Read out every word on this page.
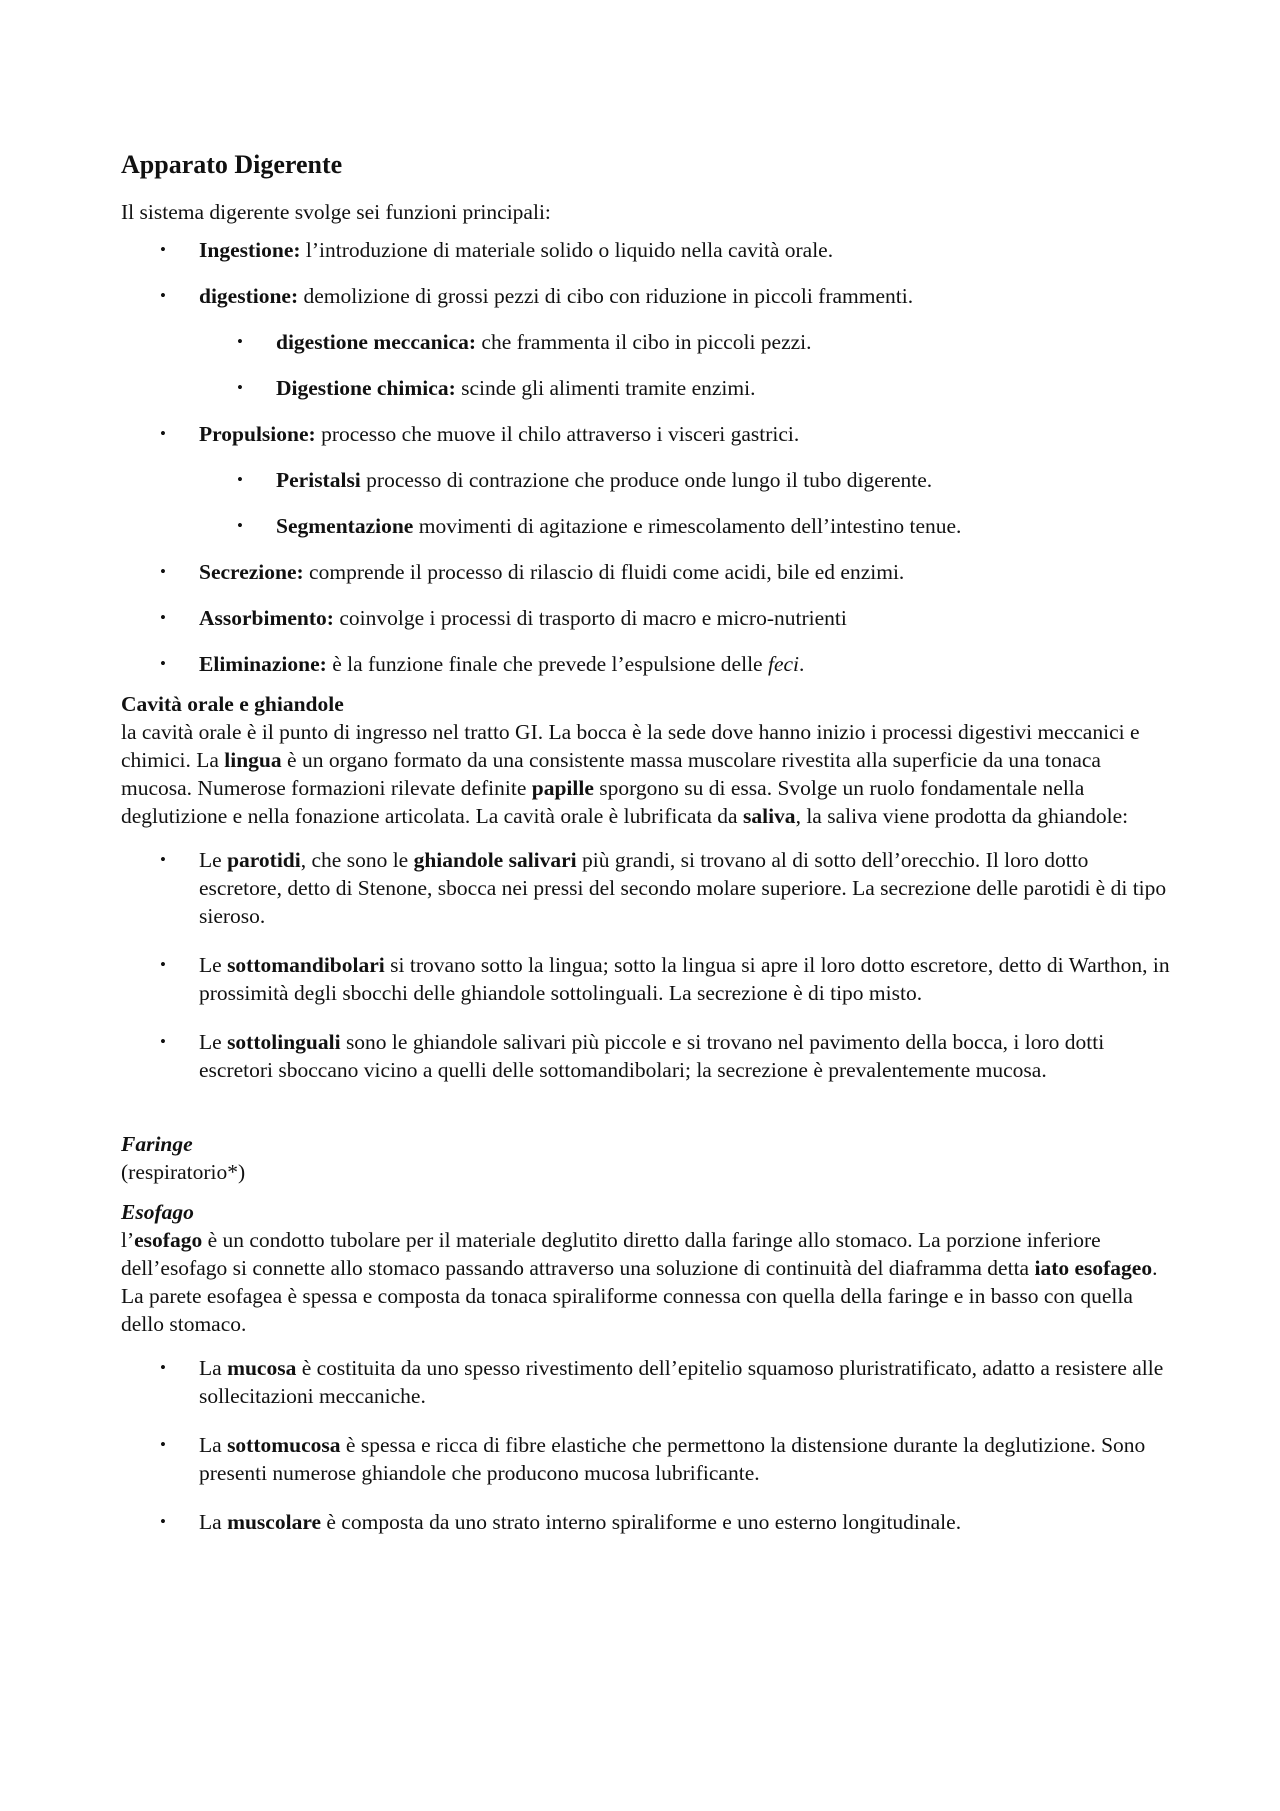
Apparato Digerente

Il sistema digerente svolge sei funzioni principali:

• Ingestione: l’introduzione di materiale solido o liquido nella cavità orale.
• digestione: demolizione di grossi pezzi di cibo con riduzione in piccoli frammenti.
• digestione meccanica: che frammenta il cibo in piccoli pezzi.
• Digestione chimica: scinde gli alimenti tramite enzimi.
• Propulsione: processo che muove il chilo attraverso i visceri gastrici.
• Peristalsi processo di contrazione che produce onde lungo il tubo digerente.
• Segmentazione movimenti di agitazione e rimescolamento dell’intestino tenue.
• Secrezione: comprende il processo di rilascio di fluidi come acidi, bile ed enzimi.
• Assorbimento: coinvolge i processi di trasporto di macro e micro-nutrienti
• Eliminazione: è la funzione finale che prevede l’espulsione delle feci.

Cavità orale e ghiandole

la cavità orale è il punto di ingresso nel tratto GI. La bocca è la sede dove hanno inizio i processi digestivi meccanici e chimici. La lingua è un organo formato da una consistente massa muscolare rivestita alla superficie da una tonaca mucosa. Numerose formazioni rilevate definite papille sporgono su di essa. Svolge un ruolo fondamentale nella deglutizione e nella fonazione articolata. La cavità orale è lubrificata da saliva, la saliva viene prodotta da ghiandole:

• Le parotidi, che sono le ghiandole salivari più grandi, si trovano al di sotto dell’orecchio. Il loro dotto escretore, detto di Stenone, sbocca nei pressi del secondo molare superiore. La secrezione delle parotidi è di tipo sieroso.
• Le sottomandibolari si trovano sotto la lingua; sotto la lingua si apre il loro dotto escretore, detto di Warthon, in prossimità degli sbocchi delle ghiandole sottolinguali. La secrezione è di tipo misto.
• Le sottolinguali sono le ghiandole salivari più piccole e si trovano nel pavimento della bocca, i loro dotti escretori sboccano vicino a quelli delle sottomandibolari; la secrezione è prevalentemente mucosa.

Faringe

(respiratorio*)

Esofago

l’esofago è un condotto tubolare per il materiale deglutito diretto dalla faringe allo stomaco. La porzione inferiore dell’esofago si connette allo stomaco passando attraverso una soluzione di continuità del diaframma detta iato esofageo. La parete esofagea è spessa e composta da tonaca spiraliforme connessa con quella della faringe e in basso con quella dello stomaco.

• La mucosa è costituita da uno spesso rivestimento dell’epitelio squamoso pluristratificato, adatto a resistere alle sollecitazioni meccaniche.
• La sottomucosa è spessa e ricca di fibre elastiche che permettono la distensione durante la deglutizione. Sono presenti numerose ghiandole che producono mucosa lubrificante.
• La muscolare è composta da uno strato interno spiraliforme e uno esterno longitudinale.
